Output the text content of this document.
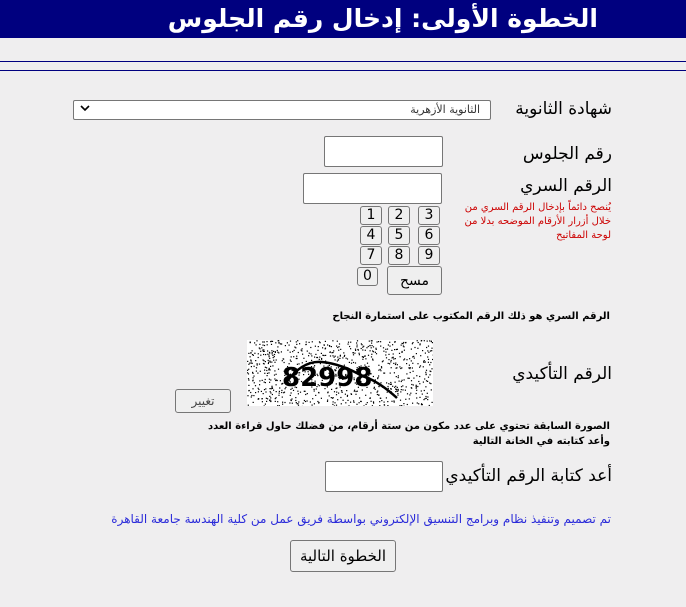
الخطوة الأولى: إدخال رقم الجلوس
شهادة الثانوية
الثانوية الأزهرية
رقم الجلوس
الرقم السري
يُنصح دائماً بإدخال الرقم السري من
خلال أزرار الأرقام الموضحه بدلا من
لوحة المفاتيح
1	2	3
4	5	6
7	8	9
0	مسح
الرقم السري هو ذلك الرقم المكتوب على استمارة النجاح
الرقم التأكيدي
82998
تغيير
الصورة السابقة تحتوي على عدد مكون من ستة أرقام، من فضلك حاول قراءة العدد
وأعد كتابته في الخانة التالية
أعد كتابة الرقم التأكيدي
تم تصميم وتنفيذ نظام وبرامج التنسيق الإلكتروني بواسطة فريق عمل من كلية الهندسة جامعة القاهرة
الخطوة التالية
